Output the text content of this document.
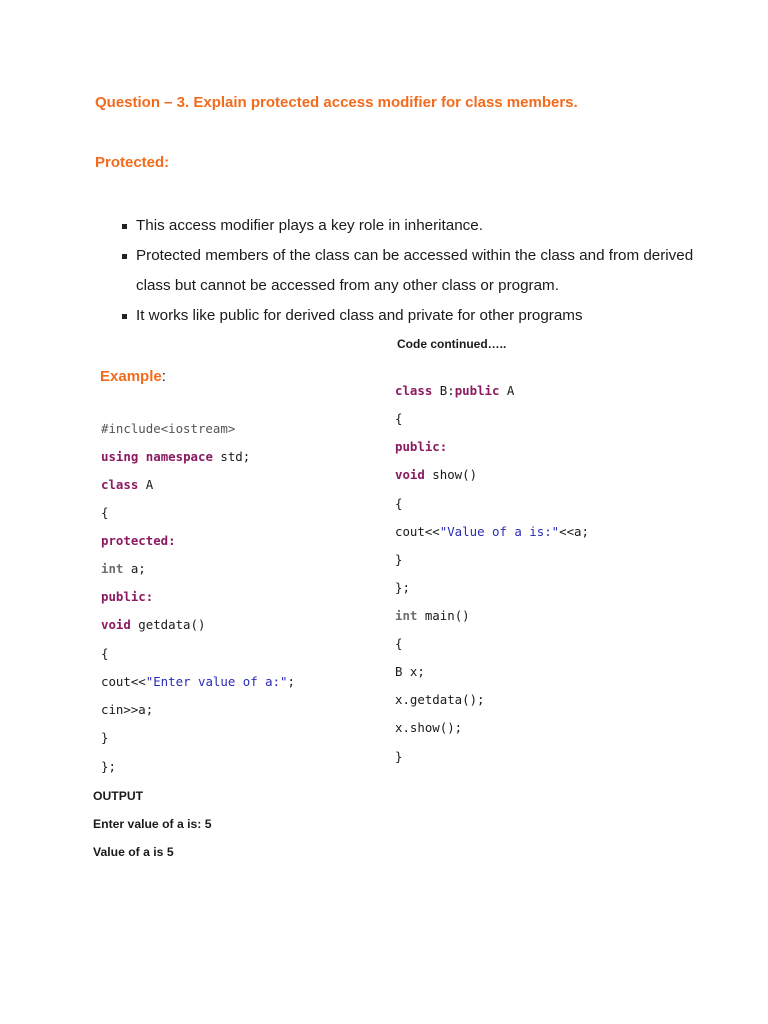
Question – 3. Explain protected access modifier for class members.
Protected:
This access modifier plays a key role in inheritance.
Protected members of the class can be accessed within the class and from derived class but cannot be accessed from any other class or program.
It works like public for derived class and private for other programs
Code continued…..
Example:
#include<iostream>
using namespace std;
class A
{
protected:
int a;
public:
void getdata()
{
cout<<"Enter value of a:";
cin>>a;
}
};
class B:public A
{
public:
void show()
{
cout<<"Value of a is:"<<a;
}
};
int main()
{
B x;
x.getdata();
x.show();
}
OUTPUT
Enter value of a is: 5
Value of a is 5
